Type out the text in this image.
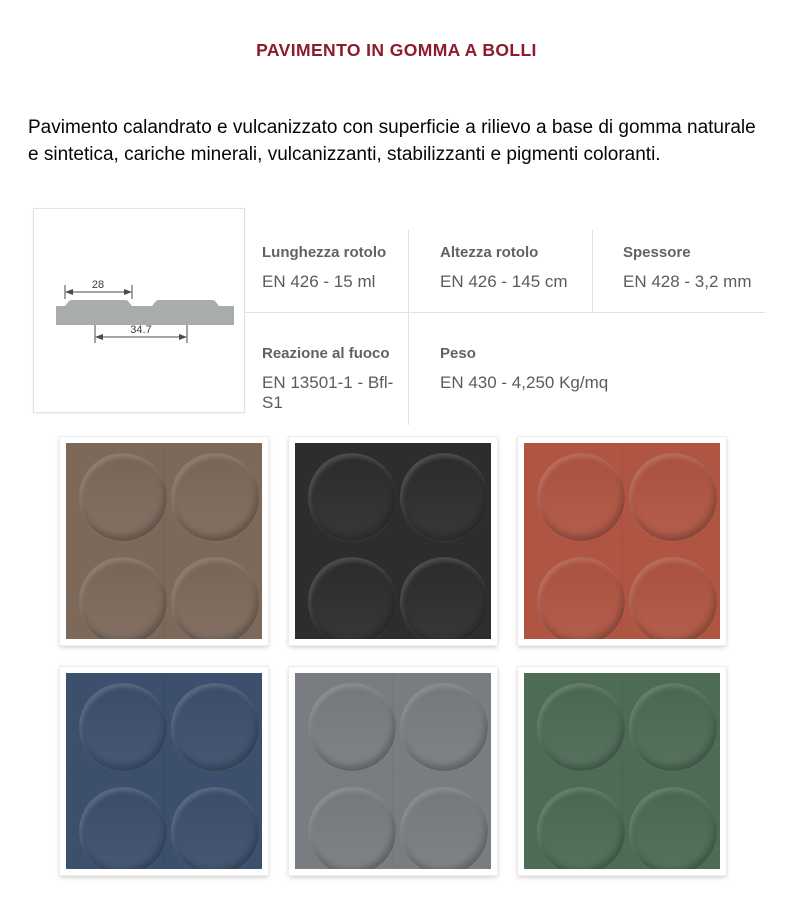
PAVIMENTO IN GOMMA A BOLLI
Pavimento calandrato e vulcanizzato con superficie a rilievo a base di gomma naturale e sintetica, cariche minerali, vulcanizzanti, stabilizzanti e pigmenti coloranti.
28
34.7
Lunghezza rotolo
EN 426 - 15 ml
Altezza rotolo
EN 426 - 145 cm
Spessore
EN 428 - 3,2 mm
Reazione al fuoco
EN 13501-1 - Bfl- S1
Peso
EN 430 - 4,250 Kg/mq
